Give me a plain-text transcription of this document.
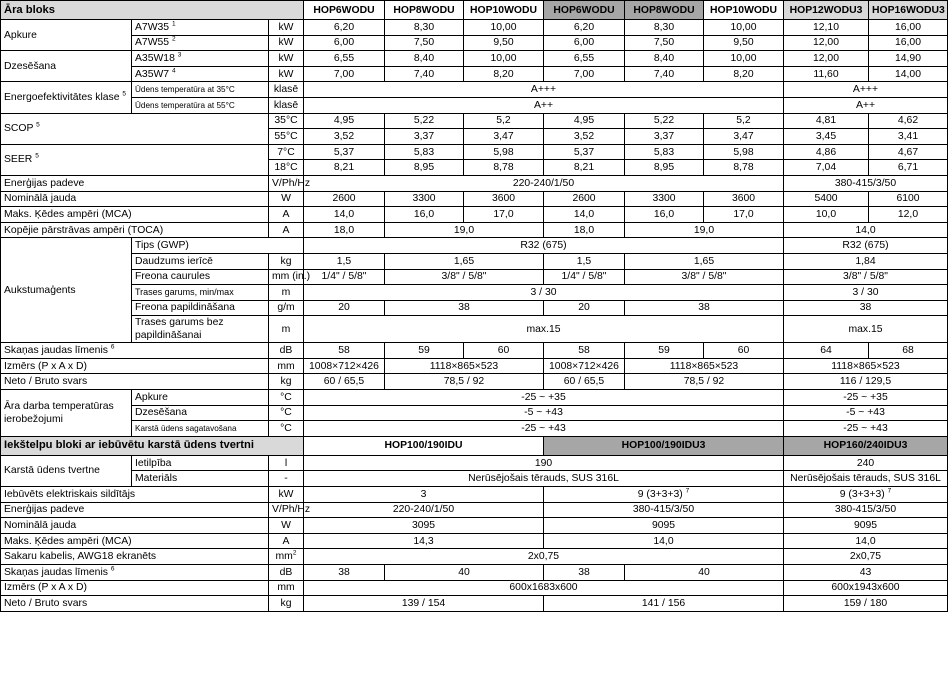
Āra bloks			HOP6WODU	HOP8WODU	HOP10WODU	HOP6WODU	HOP8WODU	HOP10WODU	HOP12WODU3	HOP16WODU3
Apkure	A7W35 $^1$	kW	6,20	8,30	10,00	6,20	8,30	10,00	12,10	16,00
	A7W55 $^2$	kW	6,00	7,50	9,50	6,00	7,50	9,50	12,00	16,00
Dzesēšana	A35W18 $^3$	kW	6,55	8,40	10,00	6,55	8,40	10,00	12,00	14,90
	A35W7 $^4$	kW	7,00	7,40	8,20	7,00	7,40	8,20	11,60	14,00
Energoefektivitātes klase $^5$	Ūdens temperatūra at 35°C	klasē	A+++						A+++	
	Ūdens temperatūra at 55°C	klasē	A++						A++	
SCOP $^5$		35°C	4,95	5,22	5,2	4,95	5,22	5,2	4,81	4,62
		55°C	3,52	3,37	3,47	3,52	3,37	3,47	3,45	3,41
SEER $^5$		7°C	5,37	5,83	5,98	5,37	5,83	5,98	4,86	4,67
		18°C	8,21	8,95	8,78	8,21	8,95	8,78	7,04	6,71
Enerģijas padeve		V/Ph/Hz	220-240/1/50						380-415/3/50	
Nominālā jauda		W	2600	3300	3600	2600	3300	3600	5400	6100
Maks. Ķēdes ampēri (MCA)		A	14,0	16,0	17,0	14,0	16,0	17,0	10,0	12,0
Kopējie pārstrāvas ampēri (TOCA)		A	18,0	19,0		18,0	19,0		14,0	
Aukstumaģents	Tips (GWP)		R32 (675)						R32 (675)	
	Daudzums ierīcē	kg	1,5	1,65		1,5	1,65		1,84	
	Freona caurules	mm (in.)	1/4" / 5/8"	3/8" / 5/8"		1/4" / 5/8"	3/8" / 5/8"		3/8" / 5/8"	
	Trases garums, min/max	m	3 / 30						3 / 30	
	Freona papildināšana	g/m	20	38		20	38		38	
	Trases garums bez papildināšanai	m	max.15						max.15	
Skaņas jaudas līmenis $^6$		dB	58	59	60	58	59	60	64	68
Izmērs (P x A x D)		mm	1008×712×426	1118×865×523		1008×712×426	1118×865×523		1118×865×523	
Neto / Bruto svars		kg	60 / 65,5	78,5 / 92		60 / 65,5	78,5 / 92		116 / 129,5	
Āra darba temperatūras ierobežojumi	Apkure	°C	-25 ~ +35						-25 ~ +35	
	Dzesēšana	°C	-5 ~ +43						-5 ~ +43	
	Karstā ūdens sagatavošana	°C	-25 ~ +43						-25 ~ +43	
Iekštelpu bloki ar iebūvētu karstā ūdens tvertni			HOP100/190IDU			HOP100/190IDU3			HOP160/240IDU3	
Karstā ūdens tvertne	Ietilpība	l	190						240	
	Materiāls	-	Nerūsējošais tērauds, SUS 316L						Nerūsējošais tērauds, SUS 316L	
Iebūvēts elektriskais sildītājs		kW	3			9 (3+3+3) $^7$			9 (3+3+3) $^7$
Enerģijas padeve		V/Ph/Hz	220-240/1/50			380-415/3/50			380-415/3/50	
Nominālā jauda		W	3095			9095			9095	
Maks. Ķēdes ampēri (MCA)		A	14,3			14,0			14,0	
Sakaru kabelis, AWG18 ekranēts		$mm^2$	2x0,75						2x0,75	
Skaņas jaudas līmenis $^6$		dB	38	40		38	40		43	
Izmērs (P x A x D)		mm	600x1683x600						600x1943x600	
Neto / Bruto svars		kg	139 / 154			141 / 156			159 / 180	
